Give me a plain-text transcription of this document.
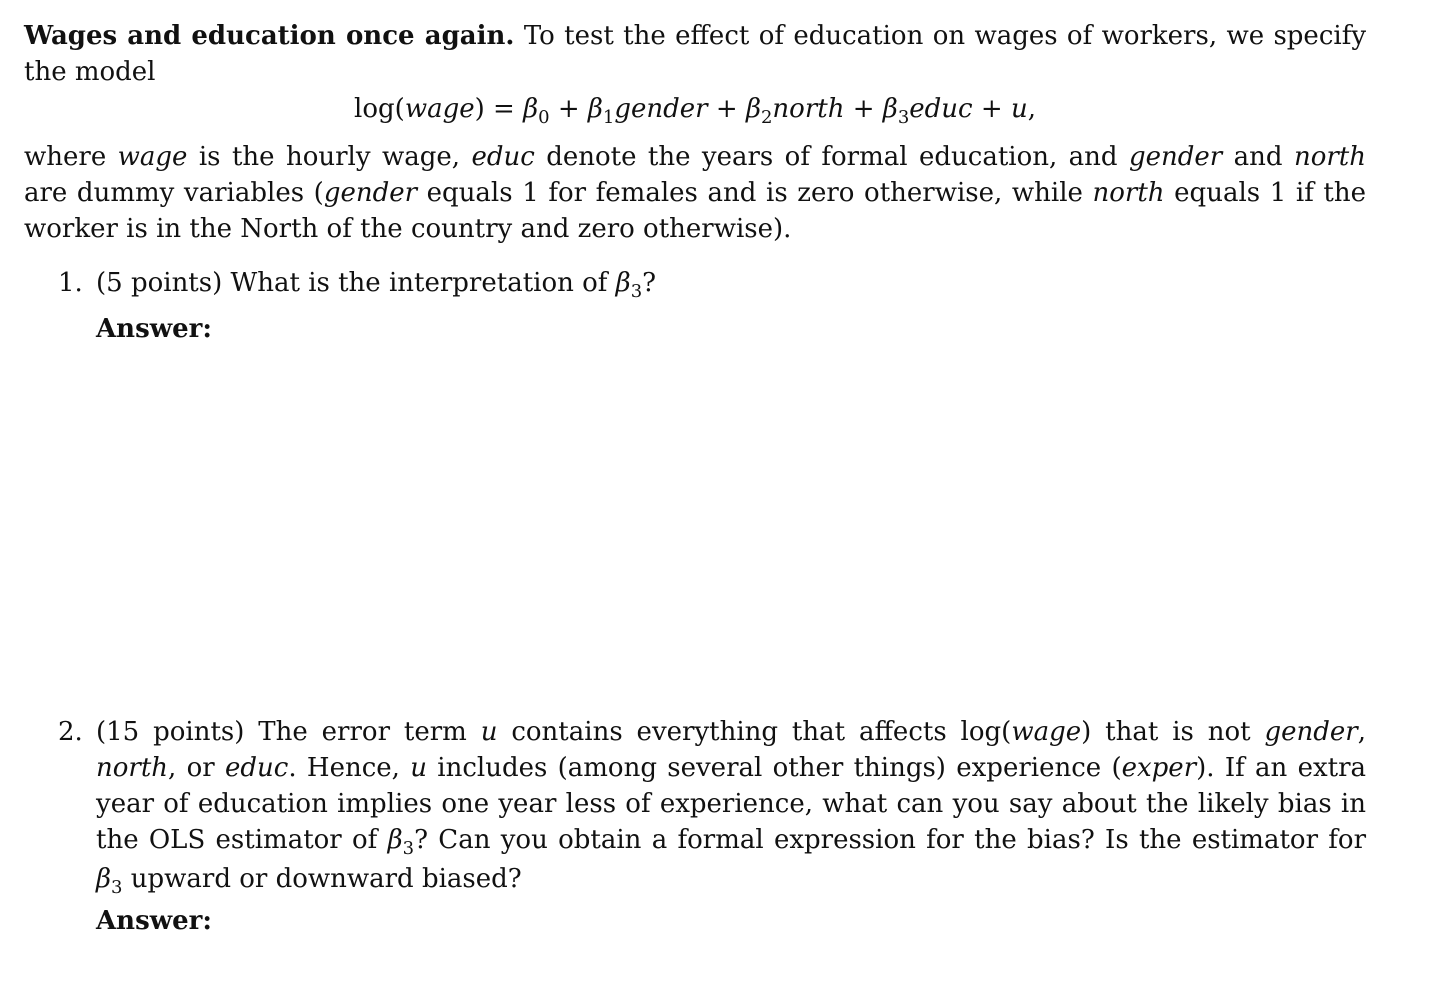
Wages and education once again. To test the effect of education on wages of workers, we specify the model

log(wage) = $\beta_0$ + $\beta_1gender$ + $\beta_2north$ + $\beta_3educ + u$,

where wage is the hourly wage, educ denote the years of formal education, and gender and north are dummy variables (gender equals 1 for females and is zero otherwise, while north equals 1 if the worker is in the North of the country and zero otherwise).

1. (5 points) What is the interpretation of $\beta_3$?
Answer:
2. (15 points) The error term u contains everything that affects log(wage) that is not gender, north, or educ. Hence, u includes (among several other things) experience (exper). If an extra year of education implies one year less of experience, what can you say about the likely bias in the OLS estimator of $\beta_3$? Can you obtain a formal expression for the bias? Is the estimator for $\beta_3$ upward or downward biased?
Answer:
